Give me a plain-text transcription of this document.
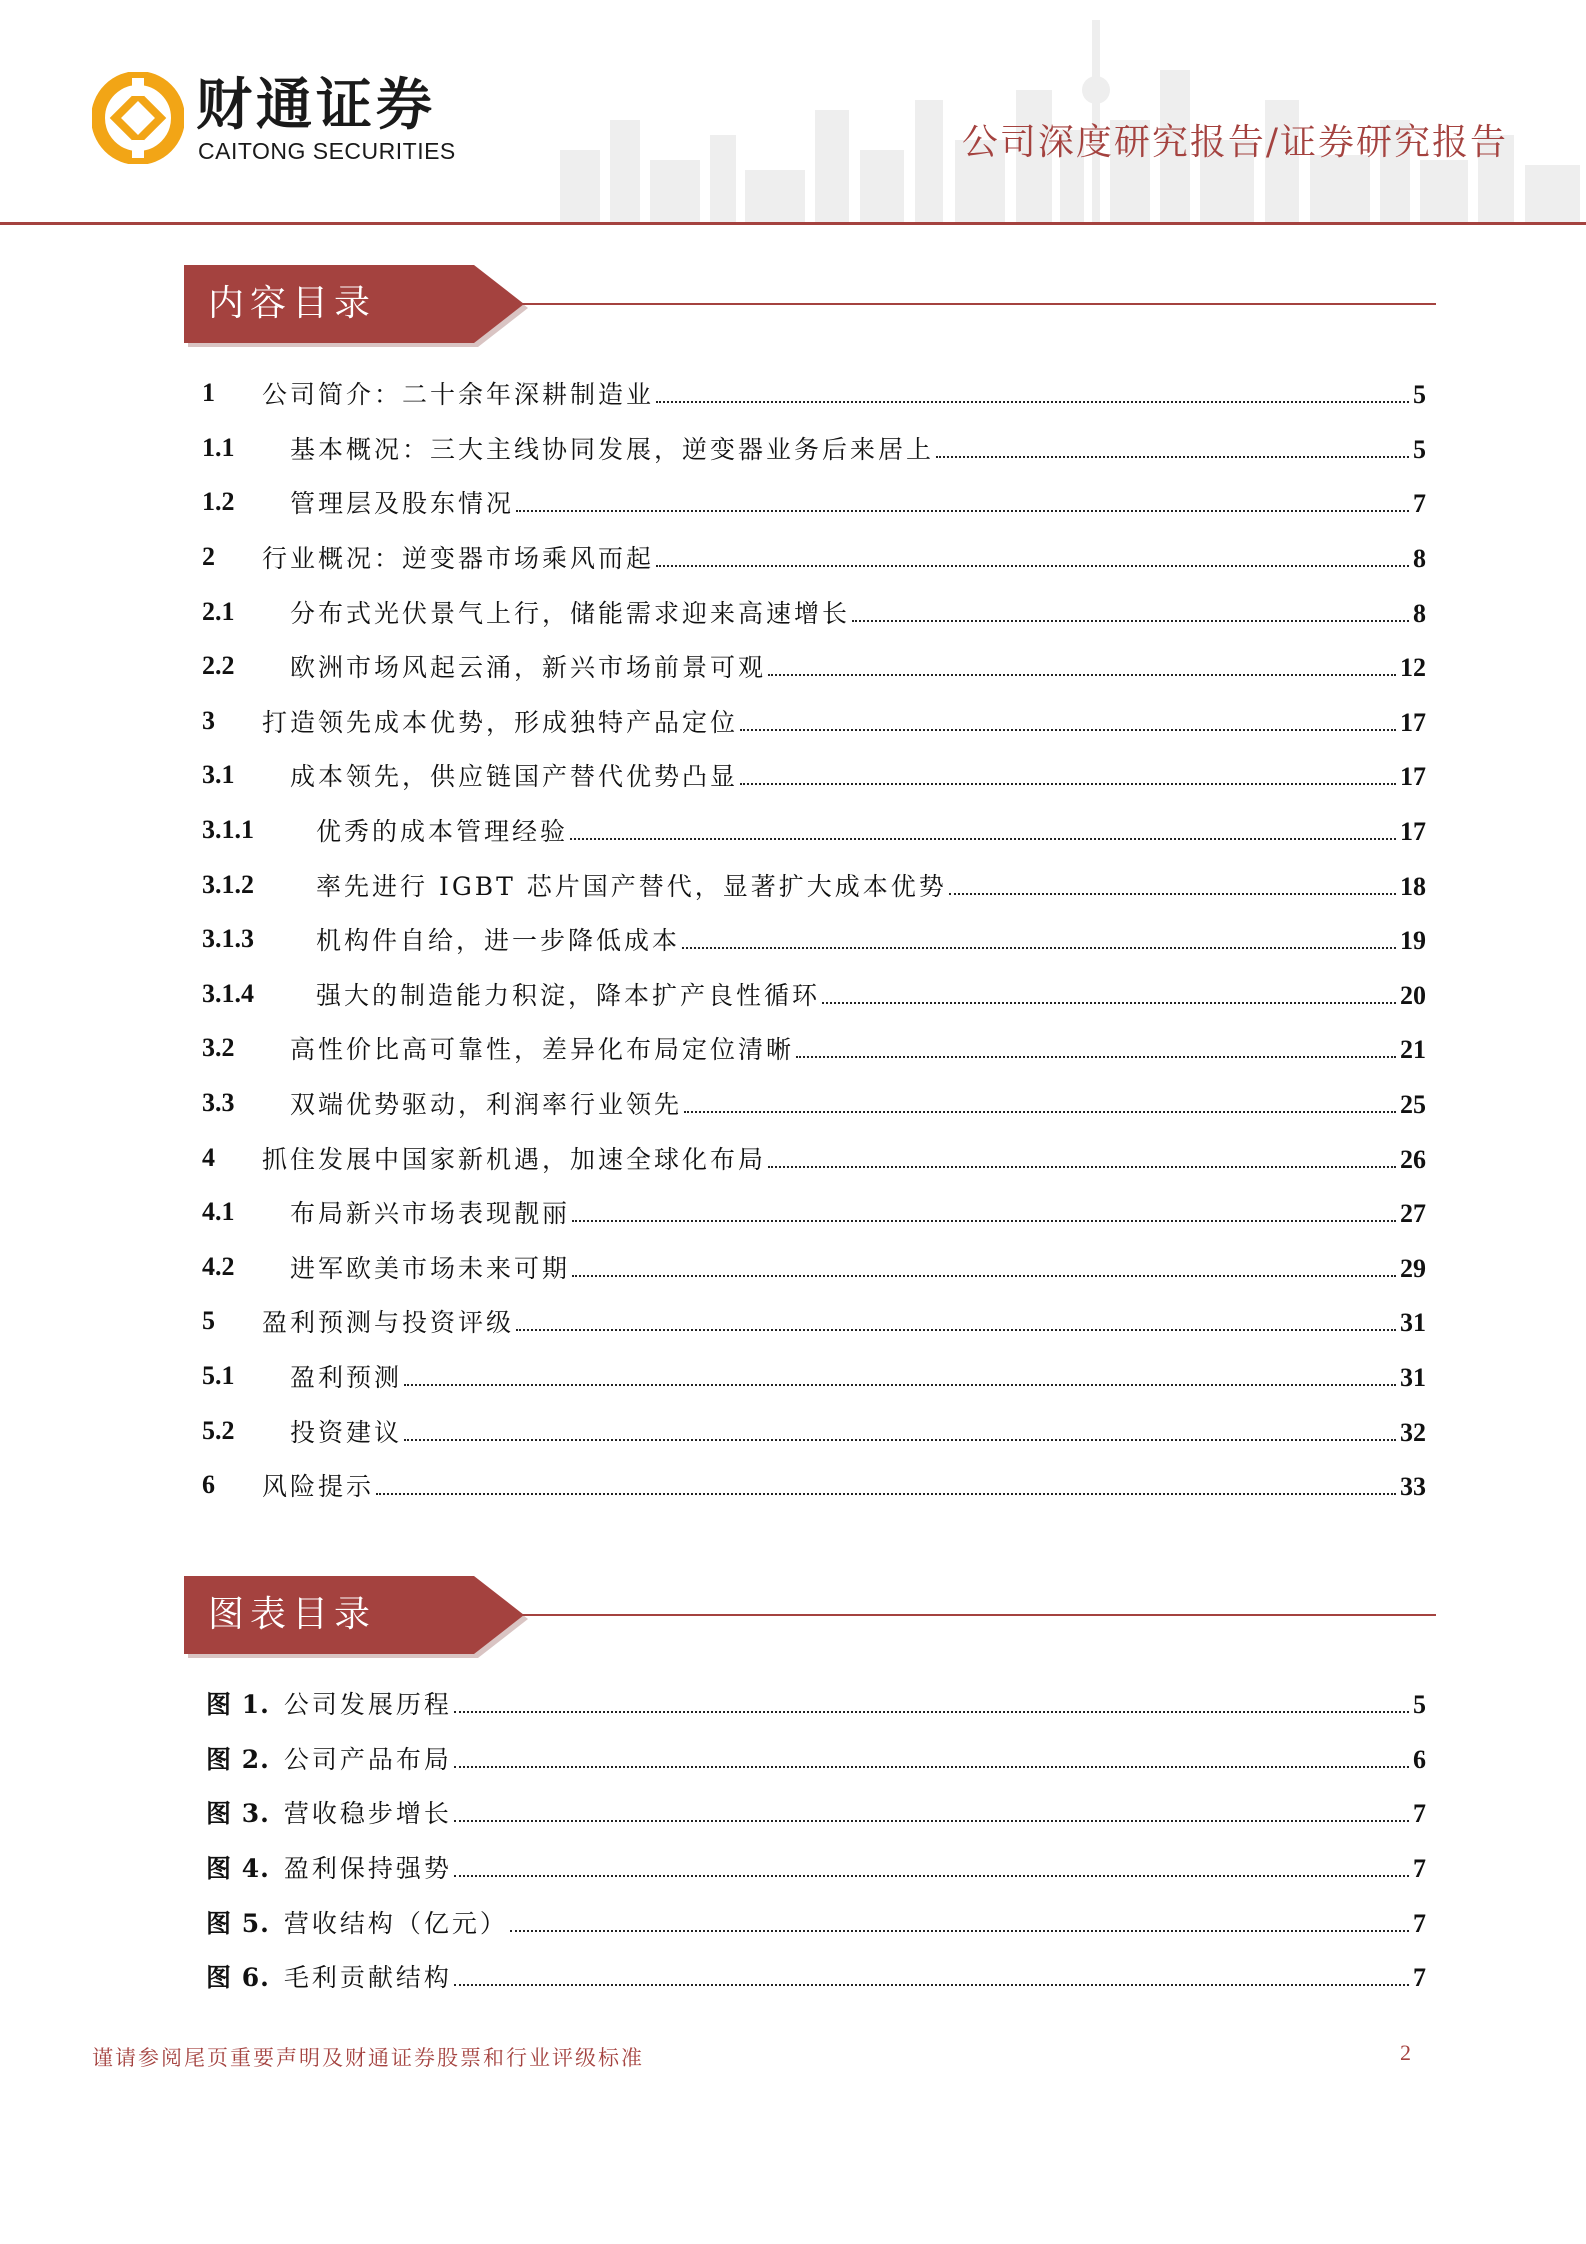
财通证券
CAITONG SECURITIES	公司深度研究报告/证券研究报告
内容目录
1 公司简介：二十余年深耕制造业	5
1.1 基本概况：三大主线协同发展，逆变器业务后来居上	5
1.2 管理层及股东情况	7
2 行业概况：逆变器市场乘风而起	8
2.1 分布式光伏景气上行，储能需求迎来高速增长	8
2.2 欧洲市场风起云涌，新兴市场前景可观	12
3 打造领先成本优势，形成独特产品定位	17
3.1 成本领先，供应链国产替代优势凸显	17
3.1.1 优秀的成本管理经验	17
3.1.2 率先进行 IGBT 芯片国产替代，显著扩大成本优势	18
3.1.3 机构件自给，进一步降低成本	19
3.1.4 强大的制造能力积淀，降本扩产良性循环	20
3.2 高性价比高可靠性，差异化布局定位清晰	21
3.3 双端优势驱动，利润率行业领先	25
4 抓住发展中国家新机遇，加速全球化布局	26
4.1 布局新兴市场表现靓丽	27
4.2 进军欧美市场未来可期	29
5 盈利预测与投资评级	31
5.1 盈利预测	31
5.2 投资建议	32
6 风险提示	33
图表目录
图 1. 公司发展历程	5
图 2. 公司产品布局	6
图 3. 营收稳步增长	7
图 4. 盈利保持强势	7
图 5. 营收结构（亿元）	7
图 6. 毛利贡献结构	7
谨请参阅尾页重要声明及财通证券股票和行业评级标准	2
